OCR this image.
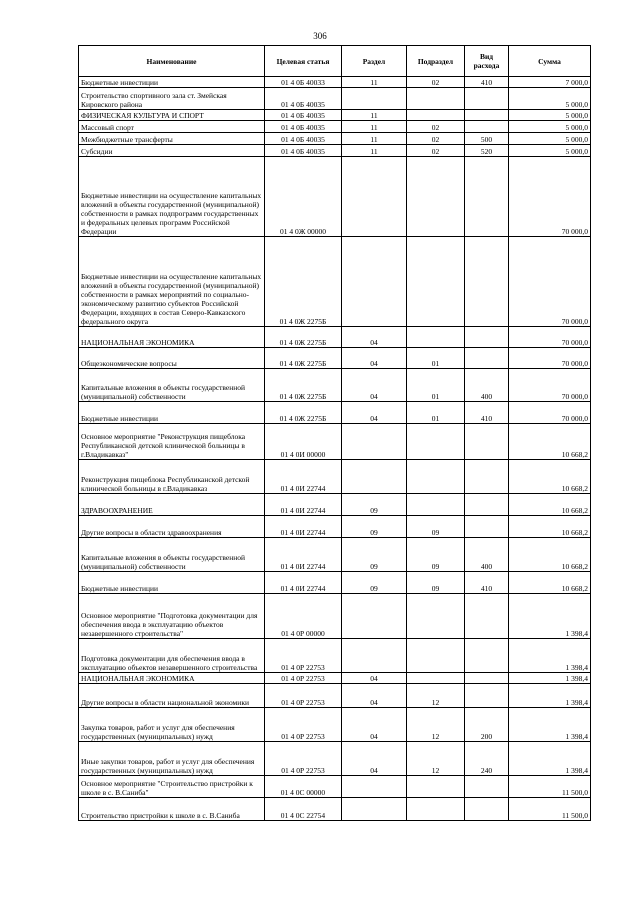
306
Наименование	Целевая статья	Раздел	Подраздел	Вид расхода	Сумма
Бюджетные инвестиции	01 4 0Б 40033	11	02	410	7 000,0
Строительство спортивного зала ст. Змейская Кировского района	01 4 0Б 40035				5 000,0
ФИЗИЧЕСКАЯ КУЛЬТУРА И СПОРТ	01 4 0Б 40035	11			5 000,0
Массовый спорт	01 4 0Б 40035	11	02		5 000,0
Межбюджетные трансферты	01 4 0Б 40035	11	02	500	5 000,0
Субсидии	01 4 0Б 40035	11	02	520	5 000,0
Бюджетные инвестиции на осуществление капитальных вложений в объекты государственной (муниципальной) собственности в рамках подпрограмм государственных и федеральных целевых программ Российской Федерации	01 4 0Ж 00000				70 000,0
Бюджетные инвестиции на осуществление капитальных вложений в объекты государственной (муниципальной) собственности в рамках мероприятий по социально-экономическому развитию субъектов Российской Федерации, входящих в состав Северо-Кавказского федерального округа	01 4 0Ж 2275Б				70 000,0
НАЦИОНАЛЬНАЯ ЭКОНОМИКА	01 4 0Ж 2275Б	04			70 000,0
Общеэкономические вопросы	01 4 0Ж 2275Б	04	01		70 000,0
Капитальные вложения в объекты государственной (муниципальной) собственности	01 4 0Ж 2275Б	04	01	400	70 000,0
Бюджетные инвестиции	01 4 0Ж 2275Б	04	01	410	70 000,0
Основное мероприятие "Реконструкция пищеблока Республиканской детской клинической больницы в г.Владикавказ"	01 4 0И 00000				10 668,2
Реконструкция пищеблока Республиканской детской клинической больницы в г.Владикавказ	01 4 0И 22744				10 668,2
ЗДРАВООХРАНЕНИЕ	01 4 0И 22744	09			10 668,2
Другие вопросы в области здравоохранения	01 4 0И 22744	09	09		10 668,2
Капитальные вложения в объекты государственной (муниципальной) собственности	01 4 0И 22744	09	09	400	10 668,2
Бюджетные инвестиции	01 4 0И 22744	09	09	410	10 668,2
Основное мероприятие "Подготовка документации для обеспечения ввода в эксплуатацию объектов незавершенного строительства"	01 4 0Р 00000				1 398,4
Подготовка документации для обеспечения ввода в эксплуатацию объектов незавершенного строительства	01 4 0Р 22753				1 398,4
НАЦИОНАЛЬНАЯ ЭКОНОМИКА	01 4 0Р 22753	04			1 398,4
Другие вопросы в области национальной экономики	01 4 0Р 22753	04	12		1 398,4
Закупка товаров, работ и услуг для обеспечения государственных (муниципальных) нужд	01 4 0Р 22753	04	12	200	1 398,4
Иные закупки товаров, работ и услуг для обеспечения государственных (муниципальных) нужд	01 4 0Р 22753	04	12	240	1 398,4
Основное мероприятие "Строительство пристройки к школе в с. В.Саниба"	01 4 0С 00000				11 500,0
Строительство пристройки к школе в с. В.Саниба	01 4 0С 22754				11 500,0
